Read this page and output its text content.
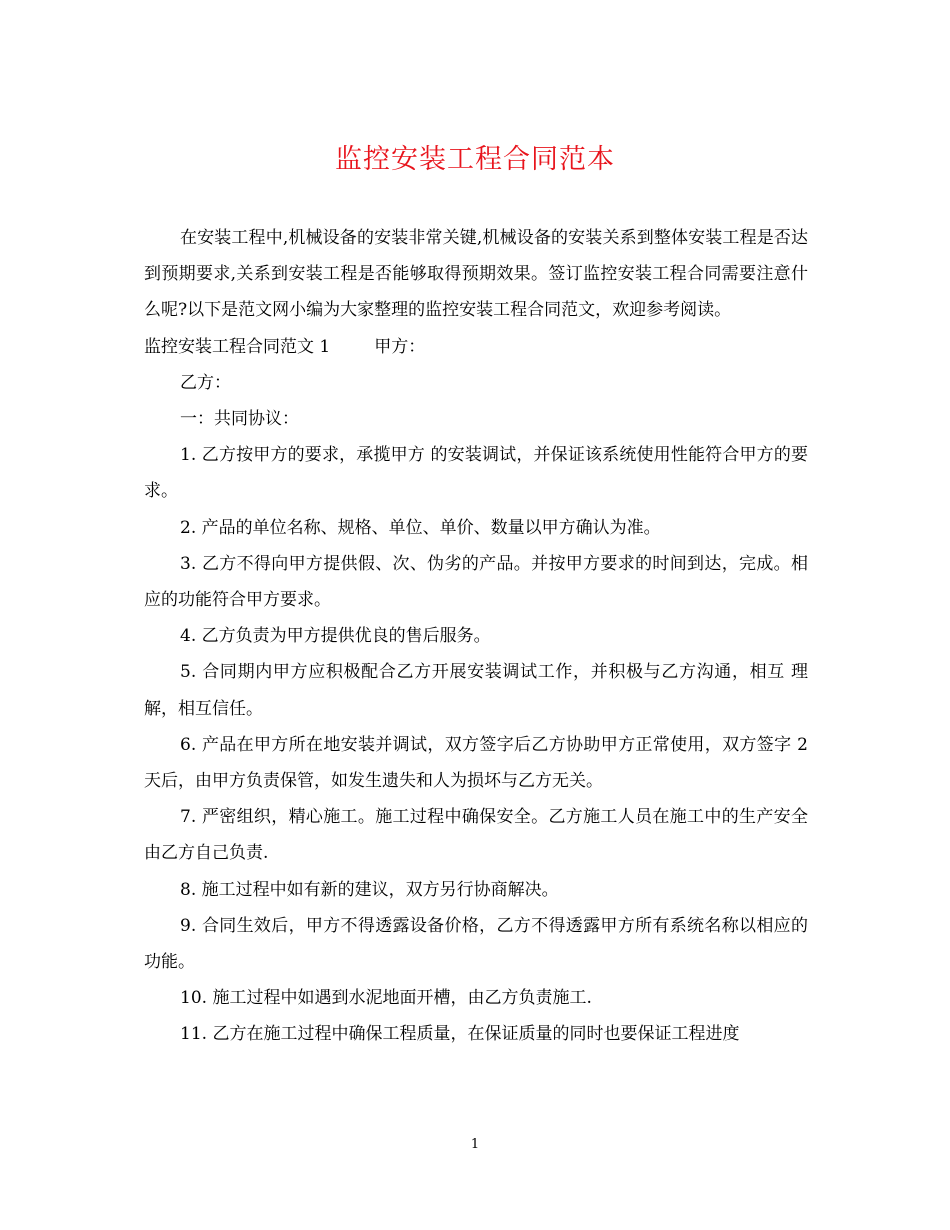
监控安装工程合同范本

在安装工程中,机械设备的安装非常关键,机械设备的安装关系到整体安装工程是否达到预期要求,关系到安装工程是否能够取得预期效果。签订监控安装工程合同需要注意什么呢?以下是范文网小编为大家整理的监控安装工程合同范文，欢迎参考阅读。

监控安装工程合同范文 1	甲方：

乙方：

一：共同协议：

1. 乙方按甲方的要求，承揽甲方 的安装调试，并保证该系统使用性能符合甲方的要求。

2. 产品的单位名称、规格、单位、单价、数量以甲方确认为准。

3. 乙方不得向甲方提供假、次、伪劣的产品。并按甲方要求的时间到达，完成。相应的功能符合甲方要求。

4. 乙方负责为甲方提供优良的售后服务。

5. 合同期内甲方应积极配合乙方开展安装调试工作，并积极与乙方沟通，相互 理解，相互信任。

6. 产品在甲方所在地安装并调试，双方签字后乙方协助甲方正常使用，双方签字 2 天后，由甲方负责保管，如发生遗失和人为损坏与乙方无关。

7. 严密组织，精心施工。施工过程中确保安全。乙方施工人员在施工中的生产安全由乙方自己负责.

8. 施工过程中如有新的建议，双方另行协商解决。

9. 合同生效后，甲方不得透露设备价格，乙方不得透露甲方所有系统名称以相应的功能。

10. 施工过程中如遇到水泥地面开槽，由乙方负责施工.

11. 乙方在施工过程中确保工程质量，在保证质量的同时也要保证工程进度

1
